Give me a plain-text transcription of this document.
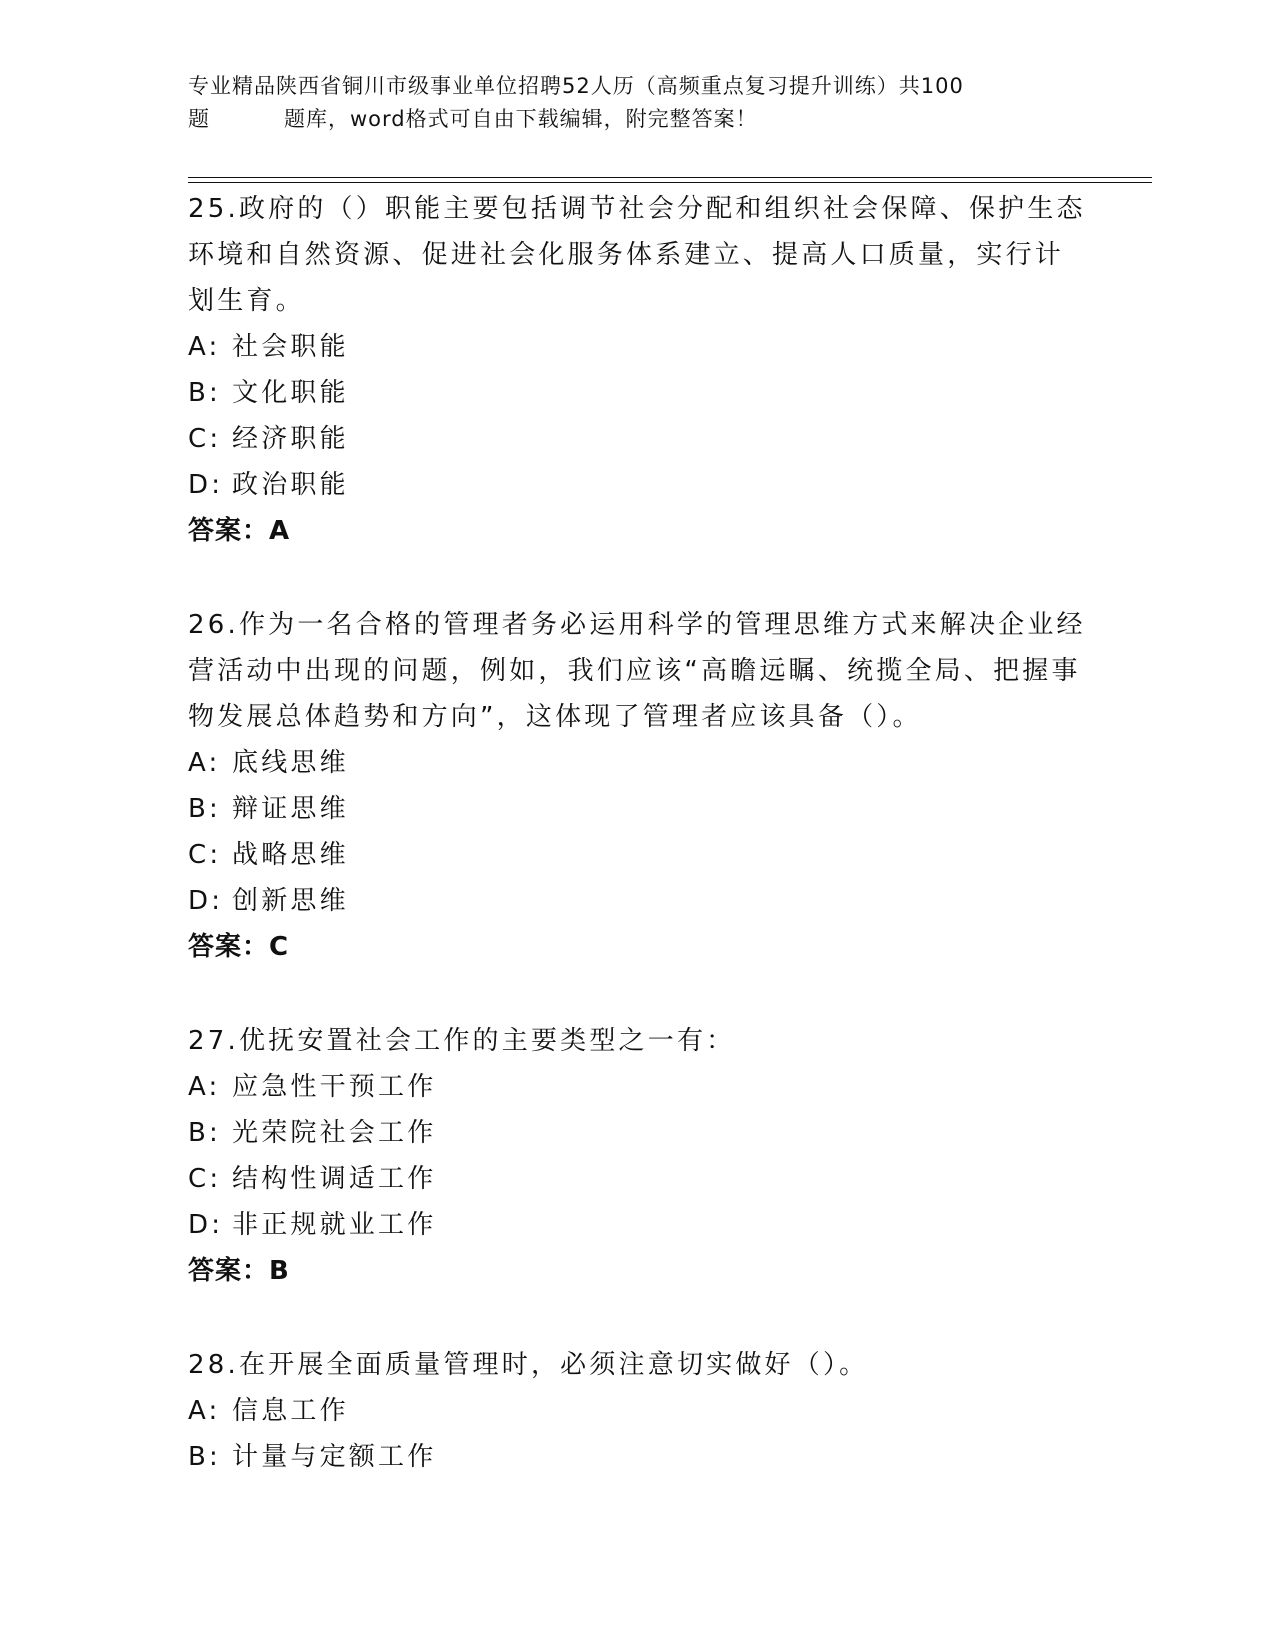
专业精品陕西省铜川市级事业单位招聘52人历（高频重点复习提升训练）共100
题	题库，word格式可自由下载编辑，附完整答案！
25.政府的（）职能主要包括调节社会分配和组织社会保障、保护生态环境和自然资源、促进社会化服务体系建立、提高人口质量，实行计划生育。
A: 社会职能
B: 文化职能
C: 经济职能
D: 政治职能
答案：A
26.作为一名合格的管理者务必运用科学的管理思维方式来解决企业经营活动中出现的问题，例如，我们应该“高瞻远瞩、统揽全局、把握事物发展总体趋势和方向”，这体现了管理者应该具备（）。
A: 底线思维
B: 辩证思维
C: 战略思维
D: 创新思维
答案：C
27.优抚安置社会工作的主要类型之一有：
A: 应急性干预工作
B: 光荣院社会工作
C: 结构性调适工作
D: 非正规就业工作
答案：B
28.在开展全面质量管理时，必须注意切实做好（）。
A: 信息工作
B: 计量与定额工作
